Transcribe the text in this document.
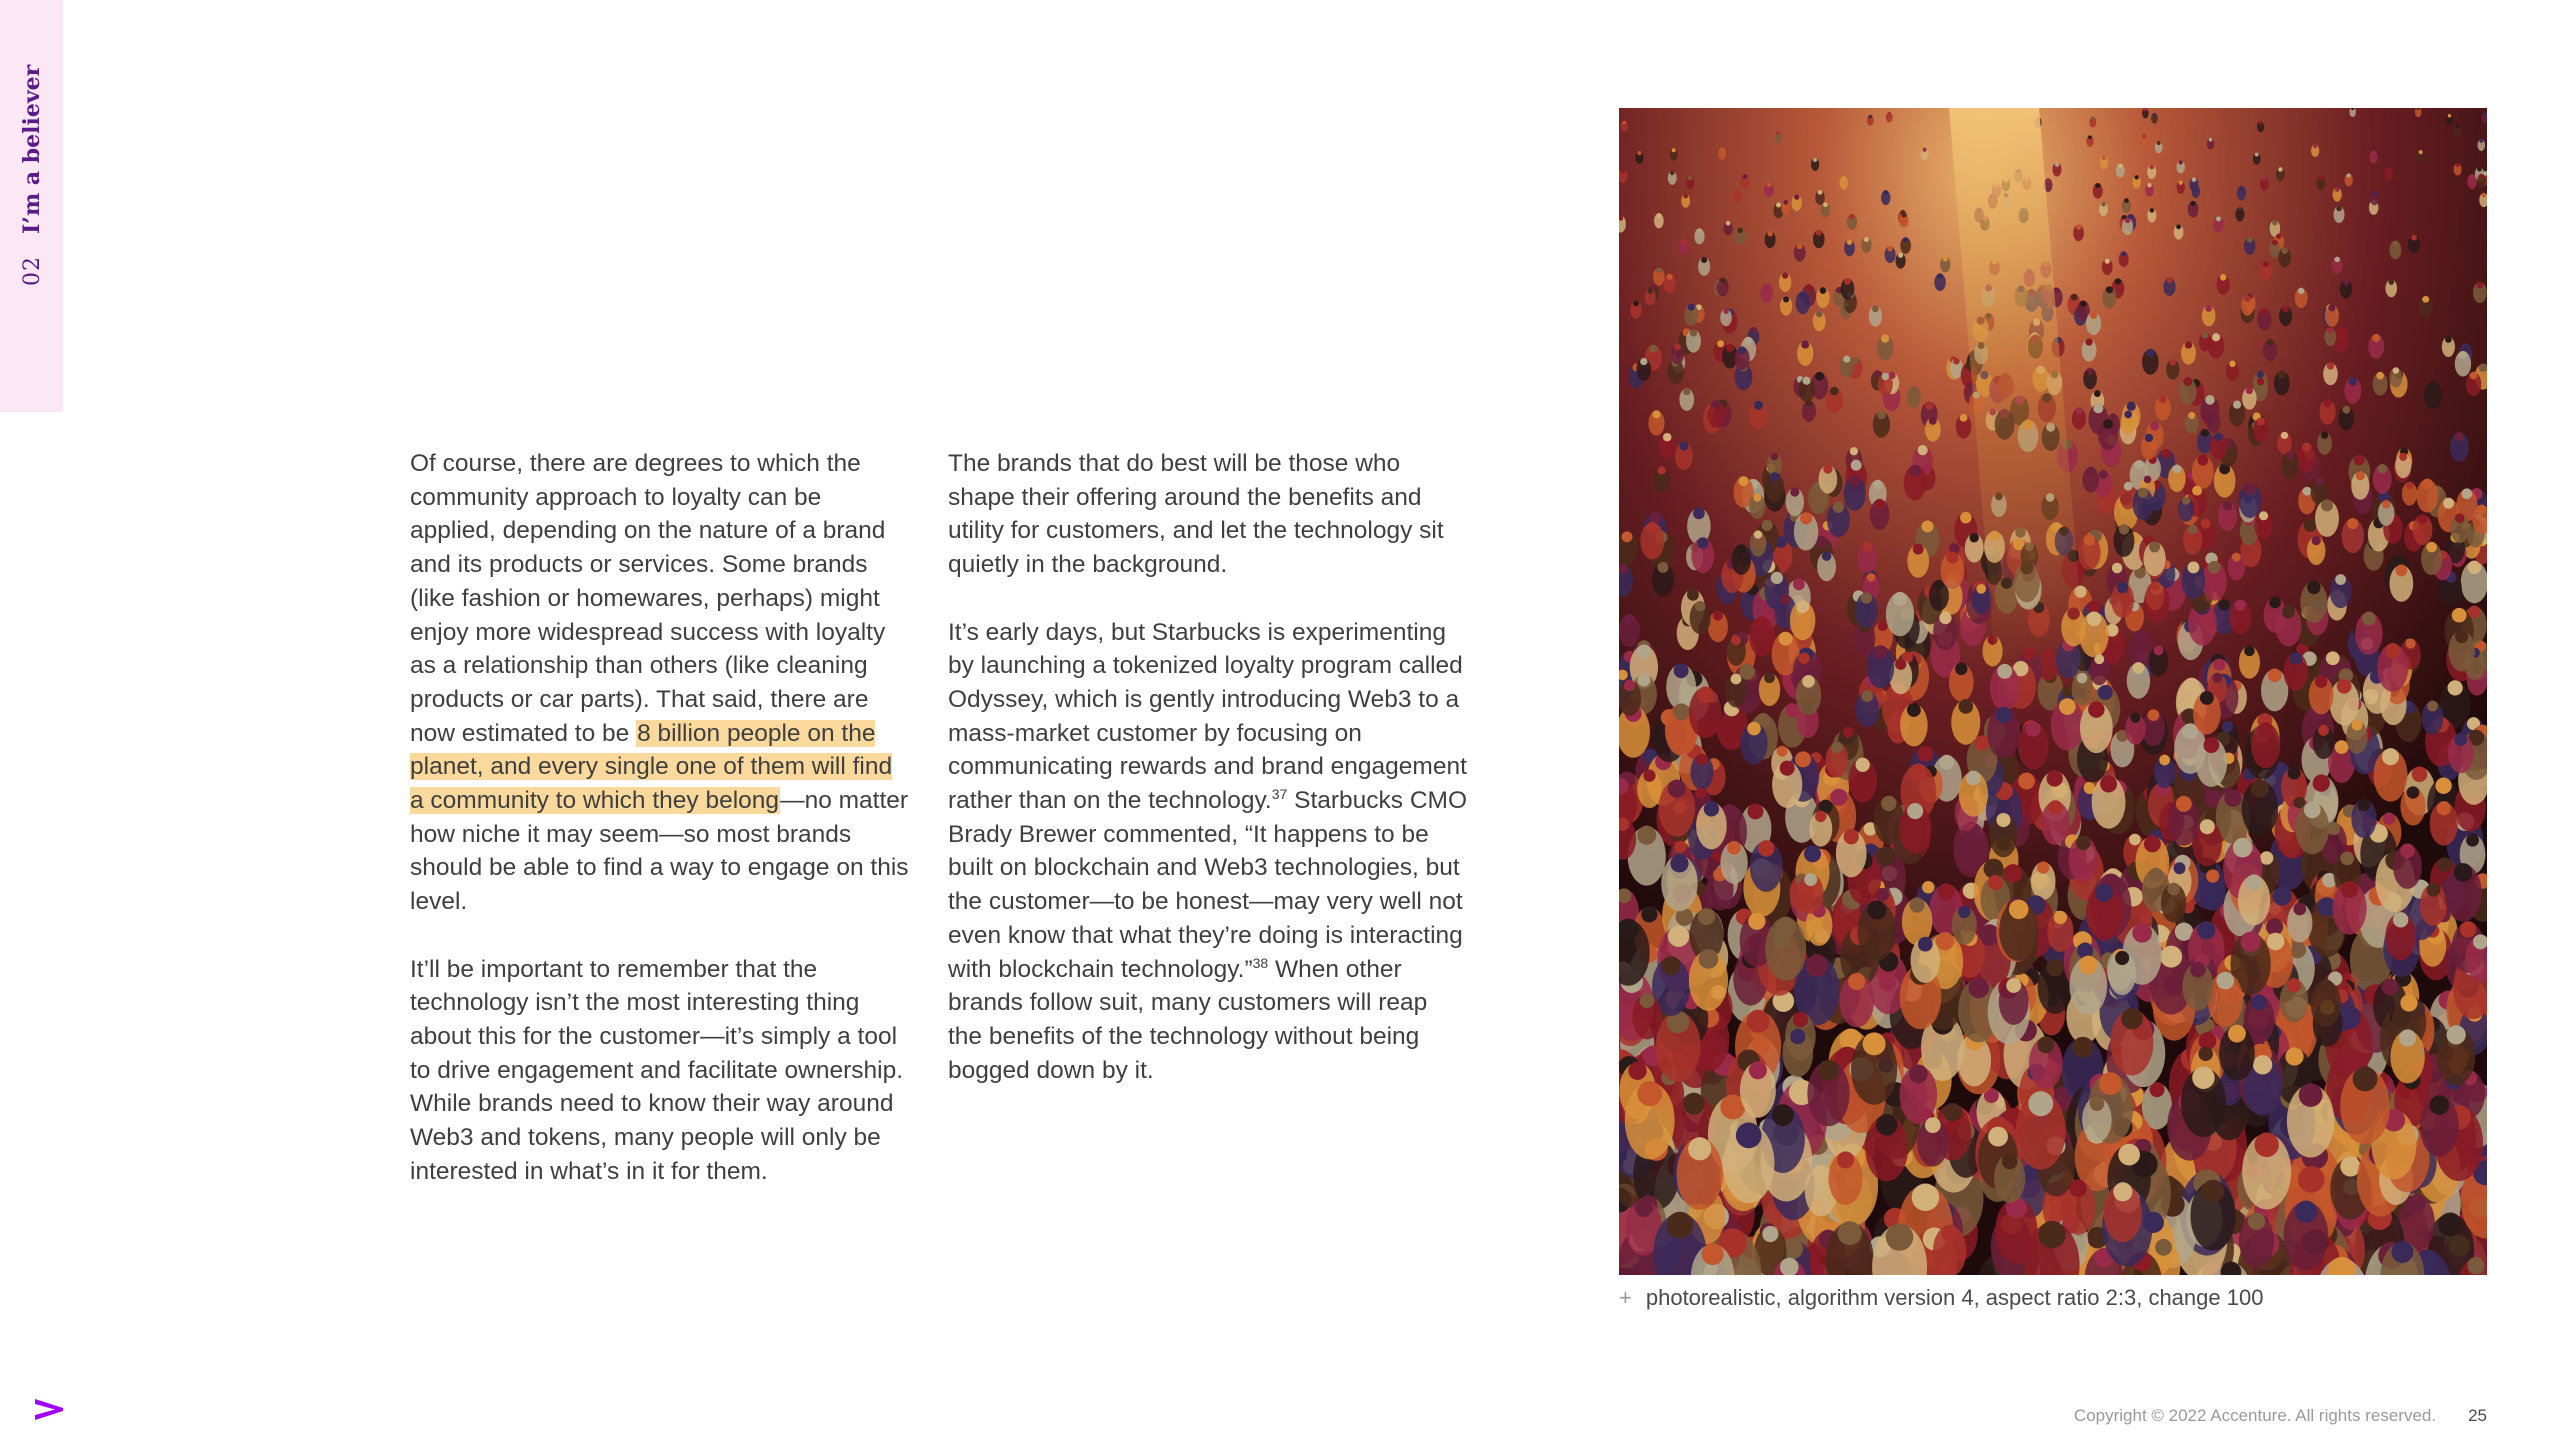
02I’m a believer

Of course, there are degrees to which the community approach to loyalty can be applied, depending on the nature of a brand and its products or services. Some brands (like fashion or homewares, perhaps) might enjoy more widespread success with loyalty as a relationship than others (like cleaning products or car parts). That said, there are now estimated to be 8 billion people on the planet, and every single one of them will find a community to which they belong—no matter how niche it may seem—so most brands should be able to find a way to engage on this level.

It’ll be important to remember that the technology isn’t the most interesting thing about this for the customer—it’s simply a tool to drive engagement and facilitate ownership. While brands need to know their way around Web3 and tokens, many people will only be interested in what’s in it for them.

The brands that do best will be those who shape their offering around the benefits and utility for customers, and let the technology sit quietly in the background.

It’s early days, but Starbucks is experimenting by launching a tokenized loyalty program called Odyssey, which is gently introducing Web3 to a mass-market customer by focusing on communicating rewards and brand engagement rather than on the technology.$^{37}$ Starbucks CMO Brady Brewer commented, “It happens to be built on blockchain and Web3 technologies, but the customer—to be honest—may very well not even know that what they’re doing is interacting with blockchain technology.”$^{38}$ When other brands follow suit, many customers will reap the benefits of the technology without being bogged down by it.

+ photorealistic, algorithm version 4, aspect ratio 2:3, change 100
Copyright © 2022 Accenture. All rights reserved. 25
